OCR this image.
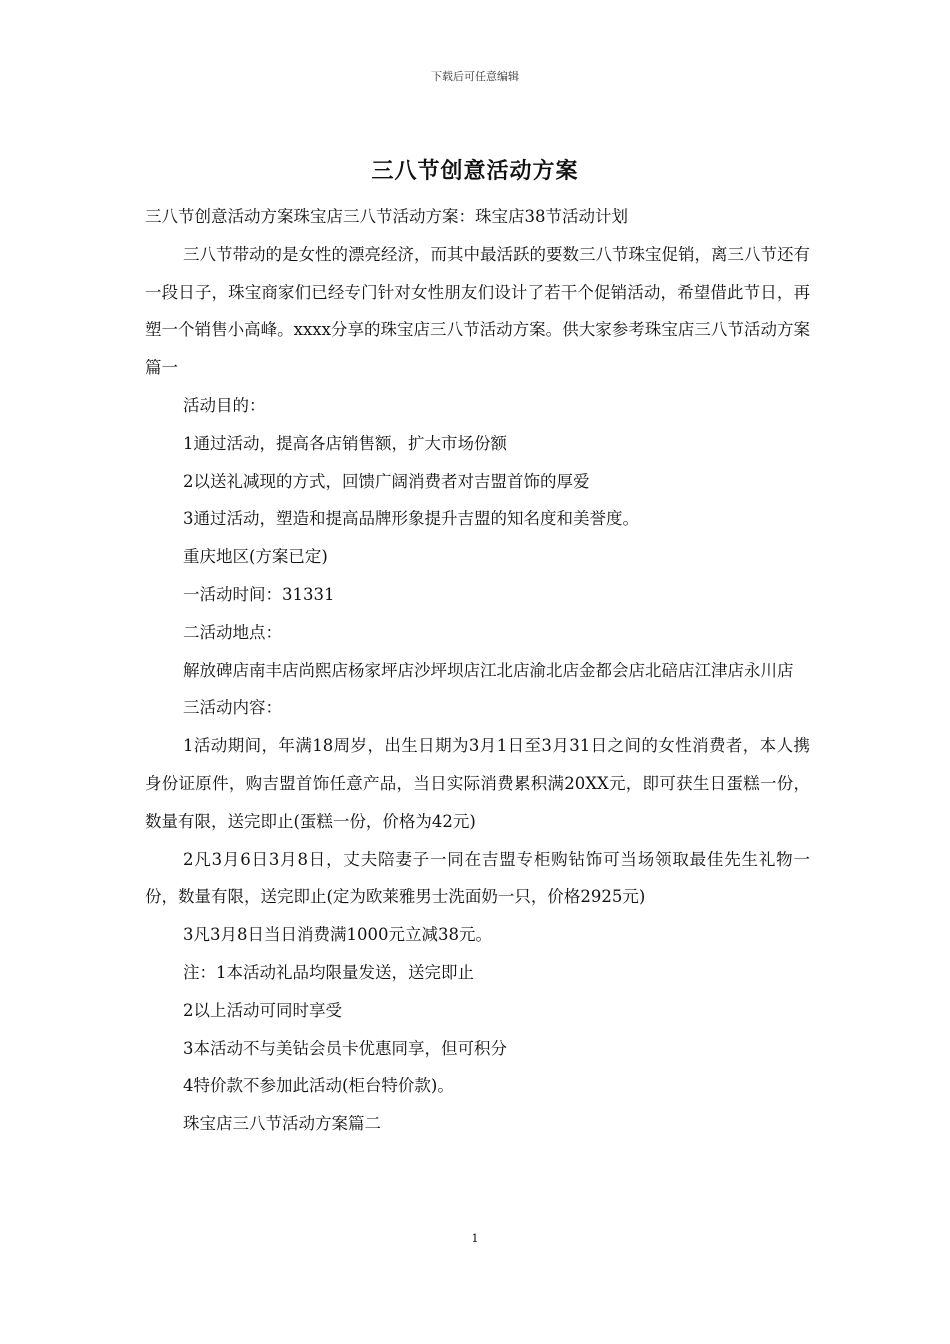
下载后可任意编辑
三八节创意活动方案

三八节创意活动方案珠宝店三八节活动方案：珠宝店38节活动计划

三八节带动的是女性的漂亮经济，而其中最活跃的要数三八节珠宝促销，离三八节还有一段日子，珠宝商家们已经专门针对女性朋友们设计了若干个促销活动，希望借此节日，再塑一个销售小高峰。xxxx分享的珠宝店三八节活动方案。供大家参考珠宝店三八节活动方案篇一

活动目的：

1通过活动，提高各店销售额，扩大市场份额

2以送礼减现的方式，回馈广阔消费者对吉盟首饰的厚爱

3通过活动，塑造和提高品牌形象提升吉盟的知名度和美誉度。

重庆地区(方案已定)

一活动时间：31331

二活动地点：

解放碑店南丰店尚熙店杨家坪店沙坪坝店江北店渝北店金都会店北碚店江津店永川店

三活动内容：

1活动期间，年满18周岁，出生日期为3月1日至3月31日之间的女性消费者，本人携身份证原件，购吉盟首饰任意产品，当日实际消费累积满20XX元，即可获生日蛋糕一份，数量有限，送完即止(蛋糕一份，价格为42元)

2凡3月6日3月8日，丈夫陪妻子一同在吉盟专柜购钻饰可当场领取最佳先生礼物一份，数量有限，送完即止(定为欧莱雅男士洗面奶一只，价格2925元)

3凡3月8日当日消费满1000元立减38元。

注：1本活动礼品均限量发送，送完即止

2以上活动可同时享受

3本活动不与美钻会员卡优惠同享，但可积分

4特价款不参加此活动(柜台特价款)。

珠宝店三八节活动方案篇二

1
